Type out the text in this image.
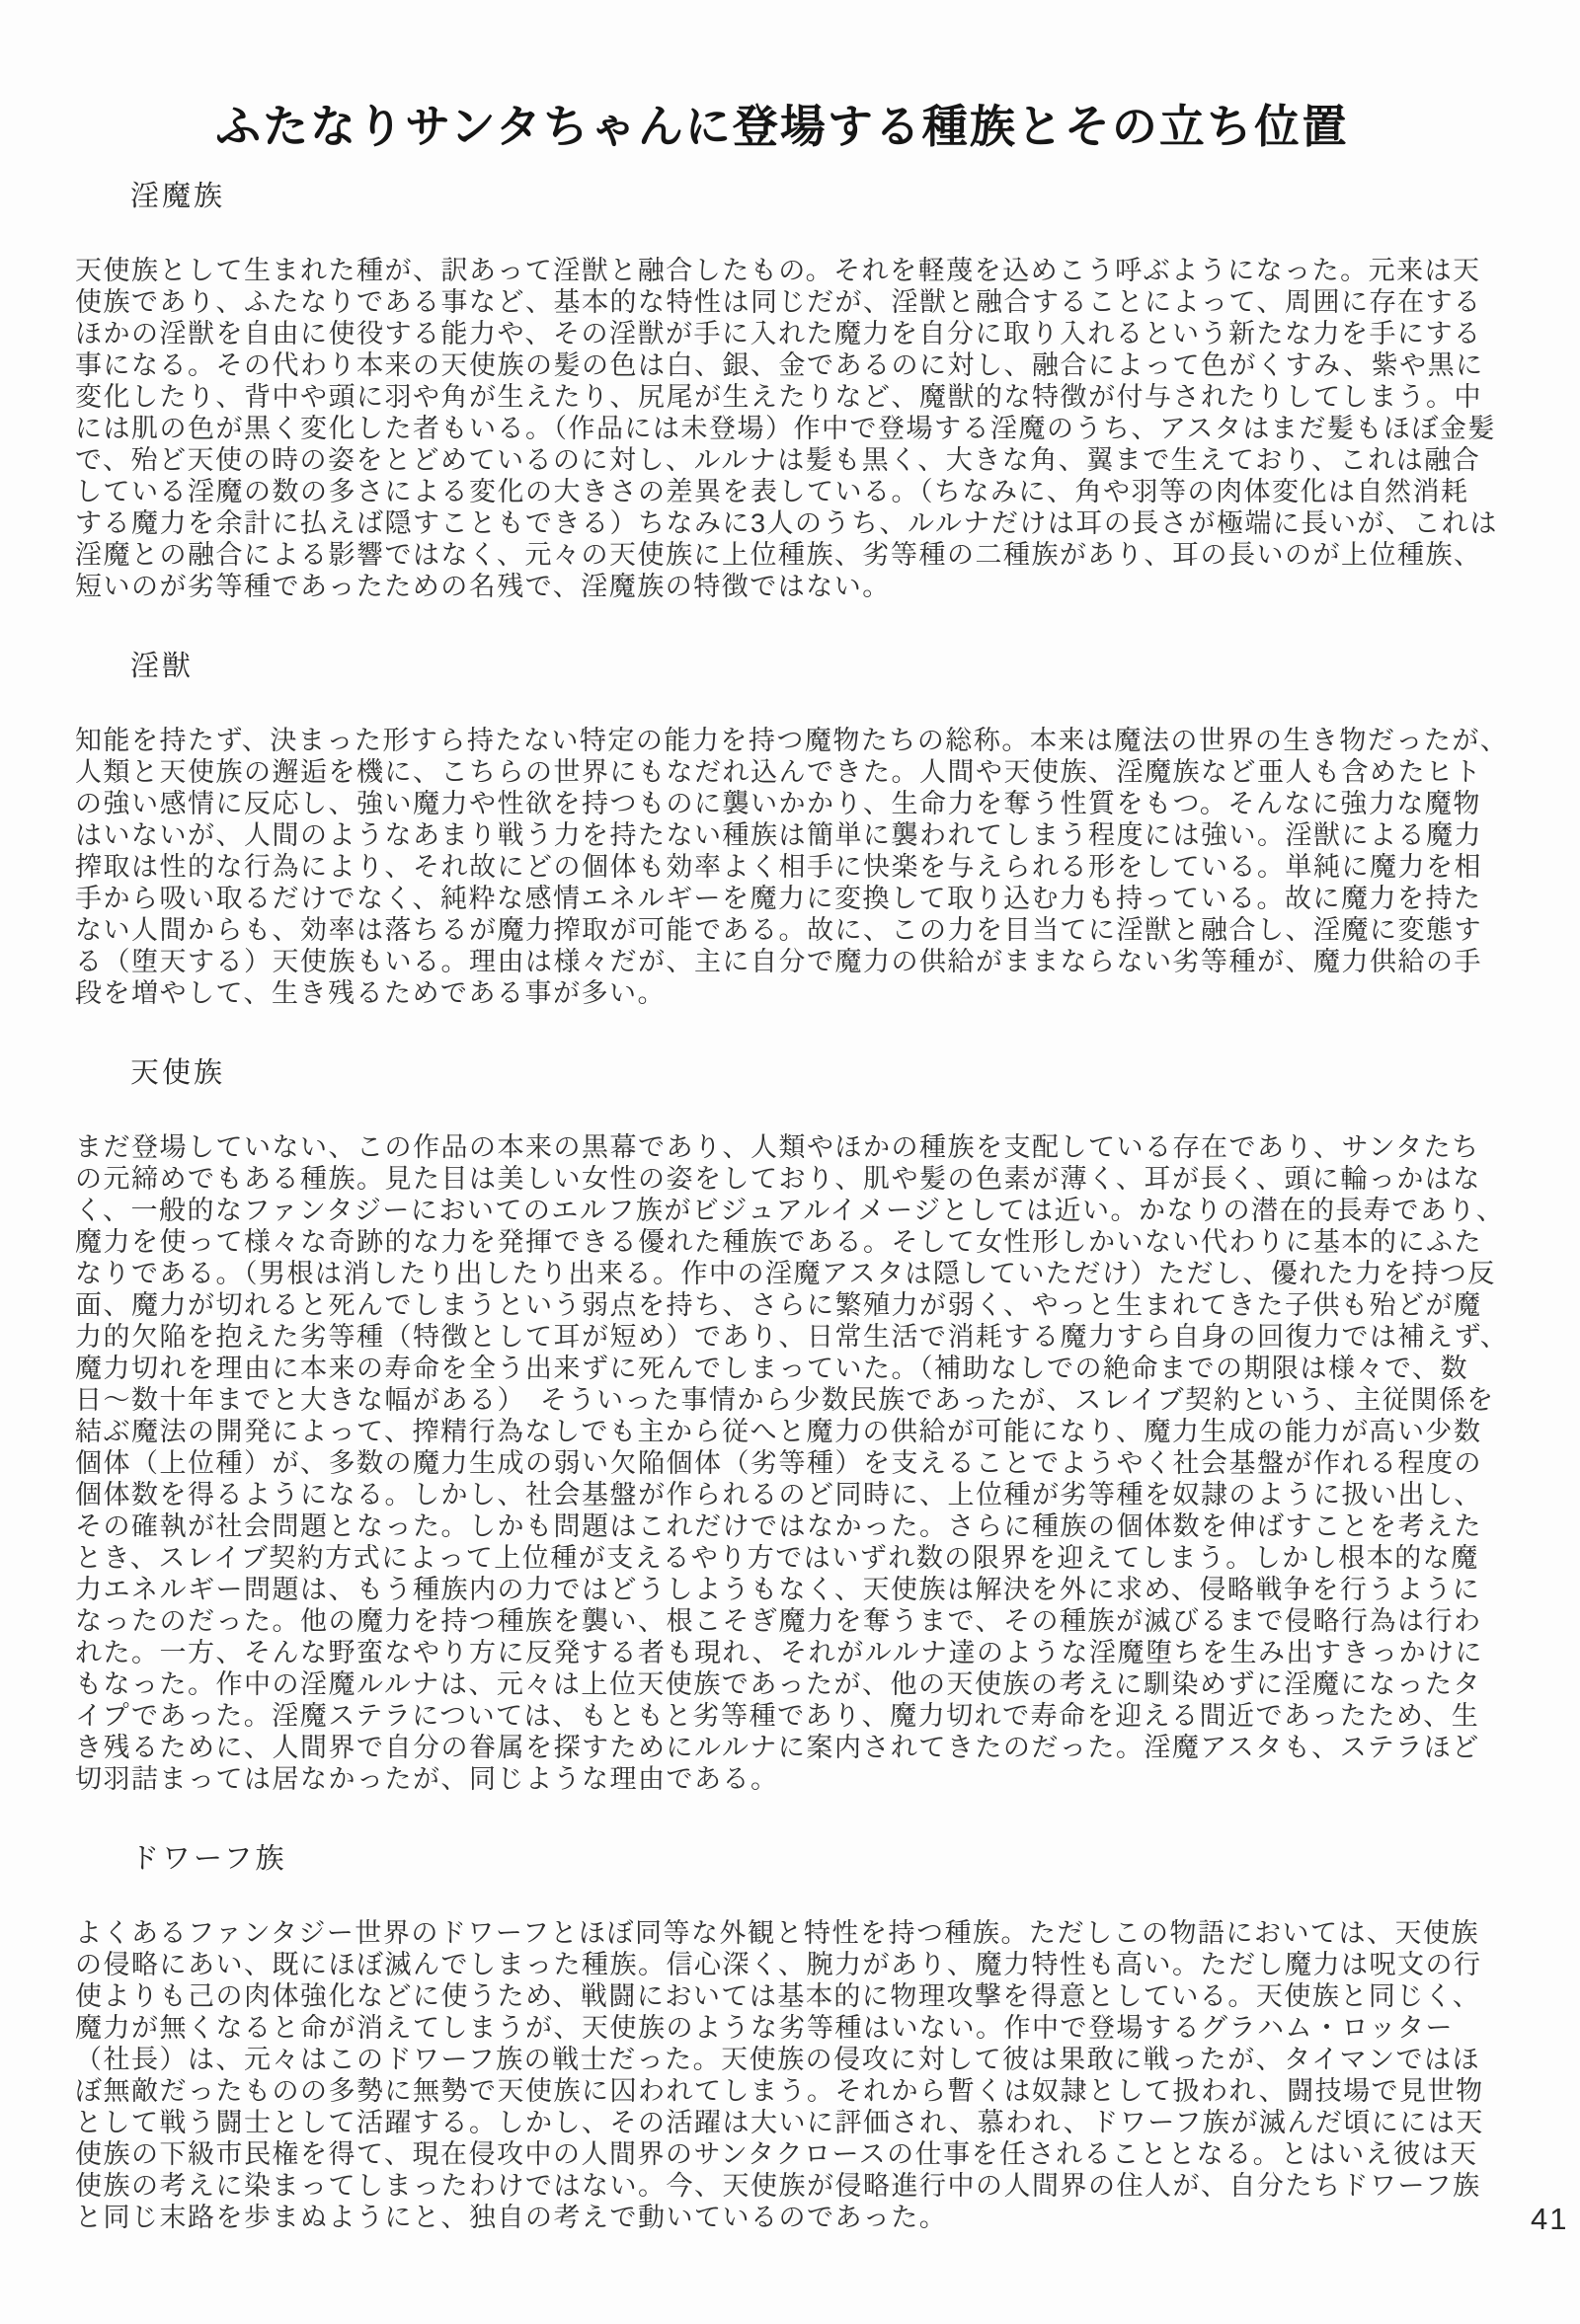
ふたなりサンタちゃんに登場する種族とその立ち位置
淫魔族
天使族として生まれた種が、訳あって淫獣と融合したもの。それを軽蔑を込めこう呼ぶようになった。元来は天
使族であり、ふたなりである事など、基本的な特性は同じだが、淫獣と融合することによって、周囲に存在する
ほかの淫獣を自由に使役する能力や、その淫獣が手に入れた魔力を自分に取り入れるという新たな力を手にする
事になる。その代わり本来の天使族の髪の色は白、銀、金であるのに対し、融合によって色がくすみ、紫や黒に
変化したり、背中や頭に羽や角が生えたり、尻尾が生えたりなど、魔獣的な特徴が付与されたりしてしまう。中
には肌の色が黒く変化した者もいる。（作品には未登場）作中で登場する淫魔のうち、アスタはまだ髪もほぼ金髪
で、殆ど天使の時の姿をとどめているのに対し、ルルナは髪も黒く、大きな角、翼まで生えており、これは融合
している淫魔の数の多さによる変化の大きさの差異を表している。（ちなみに、角や羽等の肉体変化は自然消耗
する魔力を余計に払えば隠すこともできる）ちなみに3人のうち、ルルナだけは耳の長さが極端に長いが、これは
淫魔との融合による影響ではなく、元々の天使族に上位種族、劣等種の二種族があり、耳の長いのが上位種族、
短いのが劣等種であったための名残で、淫魔族の特徴ではない。
淫獣
知能を持たず、決まった形すら持たない特定の能力を持つ魔物たちの総称。本来は魔法の世界の生き物だったが、
人類と天使族の邂逅を機に、こちらの世界にもなだれ込んできた。人間や天使族、淫魔族など亜人も含めたヒト
の強い感情に反応し、強い魔力や性欲を持つものに襲いかかり、生命力を奪う性質をもつ。そんなに強力な魔物
はいないが、人間のようなあまり戦う力を持たない種族は簡単に襲われてしまう程度には強い。淫獣による魔力
搾取は性的な行為により、それ故にどの個体も効率よく相手に快楽を与えられる形をしている。単純に魔力を相
手から吸い取るだけでなく、純粋な感情エネルギーを魔力に変換して取り込む力も持っている。故に魔力を持た
ない人間からも、効率は落ちるが魔力搾取が可能である。故に、この力を目当てに淫獣と融合し、淫魔に変態す
る（堕天する）天使族もいる。理由は様々だが、主に自分で魔力の供給がままならない劣等種が、魔力供給の手
段を増やして、生き残るためである事が多い。
天使族
まだ登場していない、この作品の本来の黒幕であり、人類やほかの種族を支配している存在であり、サンタたち
の元締めでもある種族。見た目は美しい女性の姿をしており、肌や髪の色素が薄く、耳が長く、頭に輪っかはな
く、一般的なファンタジーにおいてのエルフ族がビジュアルイメージとしては近い。かなりの潜在的長寿であり、
魔力を使って様々な奇跡的な力を発揮できる優れた種族である。そして女性形しかいない代わりに基本的にふた
なりである。（男根は消したり出したり出来る。作中の淫魔アスタは隠していただけ）ただし、優れた力を持つ反
面、魔力が切れると死んでしまうという弱点を持ち、さらに繁殖力が弱く、やっと生まれてきた子供も殆どが魔
力的欠陥を抱えた劣等種（特徴として耳が短め）であり、日常生活で消耗する魔力すら自身の回復力では補えず、
魔力切れを理由に本来の寿命を全う出来ずに死んでしまっていた。（補助なしでの絶命までの期限は様々で、数
日〜数十年までと大きな幅がある）　そういった事情から少数民族であったが、スレイブ契約という、主従関係を
結ぶ魔法の開発によって、搾精行為なしでも主から従へと魔力の供給が可能になり、魔力生成の能力が高い少数
個体（上位種）が、多数の魔力生成の弱い欠陥個体（劣等種）を支えることでようやく社会基盤が作れる程度の
個体数を得るようになる。しかし、社会基盤が作られるのど同時に、上位種が劣等種を奴隷のように扱い出し、
その確執が社会問題となった。しかも問題はこれだけではなかった。さらに種族の個体数を伸ばすことを考えた
とき、スレイブ契約方式によって上位種が支えるやり方ではいずれ数の限界を迎えてしまう。しかし根本的な魔
力エネルギー問題は、もう種族内の力ではどうしようもなく、天使族は解決を外に求め、侵略戦争を行うように
なったのだった。他の魔力を持つ種族を襲い、根こそぎ魔力を奪うまで、その種族が滅びるまで侵略行為は行わ
れた。一方、そんな野蛮なやり方に反発する者も現れ、それがルルナ達のような淫魔堕ちを生み出すきっかけに
もなった。作中の淫魔ルルナは、元々は上位天使族であったが、他の天使族の考えに馴染めずに淫魔になったタ
イプであった。淫魔ステラについては、もともと劣等種であり、魔力切れで寿命を迎える間近であったため、生
き残るために、人間界で自分の眷属を探すためにルルナに案内されてきたのだった。淫魔アスタも、ステラほど
切羽詰まっては居なかったが、同じような理由である。
ドワーフ族
よくあるファンタジー世界のドワーフとほぼ同等な外観と特性を持つ種族。ただしこの物語においては、天使族
の侵略にあい、既にほぼ滅んでしまった種族。信心深く、腕力があり、魔力特性も高い。ただし魔力は呪文の行
使よりも己の肉体強化などに使うため、戦闘においては基本的に物理攻撃を得意としている。天使族と同じく、
魔力が無くなると命が消えてしまうが、天使族のような劣等種はいない。作中で登場するグラハム・ロッター
（社長）は、元々はこのドワーフ族の戦士だった。天使族の侵攻に対して彼は果敢に戦ったが、タイマンではほ
ぼ無敵だったものの多勢に無勢で天使族に囚われてしまう。それから暫くは奴隷として扱われ、闘技場で見世物
として戦う闘士として活躍する。しかし、その活躍は大いに評価され、慕われ、ドワーフ族が滅んだ頃にには天
使族の下級市民権を得て、現在侵攻中の人間界のサンタクロースの仕事を任されることとなる。とはいえ彼は天
使族の考えに染まってしまったわけではない。今、天使族が侵略進行中の人間界の住人が、自分たちドワーフ族
と同じ末路を歩まぬようにと、独自の考えで動いているのであった。	41
